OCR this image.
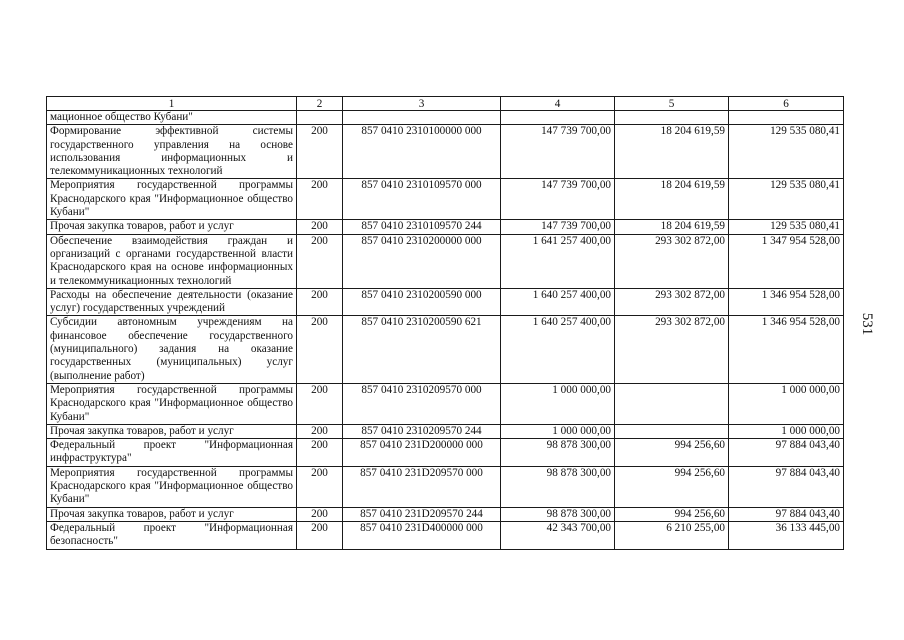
1	2	3	4	5	6
мационное общество Кубани"					
Формирование эффективной системы государственного управления на основе использования информационных и телекоммуникационных технологий	200	857 0410 2310100000 000	147 739 700,00	18 204 619,59	129 535 080,41
Мероприятия государственной программы Краснодарского края "Информационное общество Кубани"	200	857 0410 2310109570 000	147 739 700,00	18 204 619,59	129 535 080,41
Прочая закупка товаров, работ и услуг	200	857 0410 2310109570 244	147 739 700,00	18 204 619,59	129 535 080,41
Обеспечение взаимодействия граждан и организаций с органами государственной власти Краснодарского края на основе информационных и телекоммуникационных технологий	200	857 0410 2310200000 000	1 641 257 400,00	293 302 872,00	1 347 954 528,00
Расходы на обеспечение деятельности (оказание услуг) государственных учреждений	200	857 0410 2310200590 000	1 640 257 400,00	293 302 872,00	1 346 954 528,00
Субсидии автономным учреждениям на финансовое обеспечение государственного (муниципального) задания на оказание государственных (муниципальных) услуг (выполнение работ)	200	857 0410 2310200590 621	1 640 257 400,00	293 302 872,00	1 346 954 528,00
Мероприятия государственной программы Краснодарского края "Информационное общество Кубани"	200	857 0410 2310209570 000	1 000 000,00		1 000 000,00
Прочая закупка товаров, работ и услуг	200	857 0410 2310209570 244	1 000 000,00		1 000 000,00
Федеральный проект "Информационная инфраструктура"	200	857 0410 231D200000 000	98 878 300,00	994 256,60	97 884 043,40
Мероприятия государственной программы Краснодарского края "Информационное общество Кубани"	200	857 0410 231D209570 000	98 878 300,00	994 256,60	97 884 043,40
Прочая закупка товаров, работ и услуг	200	857 0410 231D209570 244	98 878 300,00	994 256,60	97 884 043,40
Федеральный проект "Информационная безопасность"	200	857 0410 231D400000 000	42 343 700,00	6 210 255,00	36 133 445,00
531
